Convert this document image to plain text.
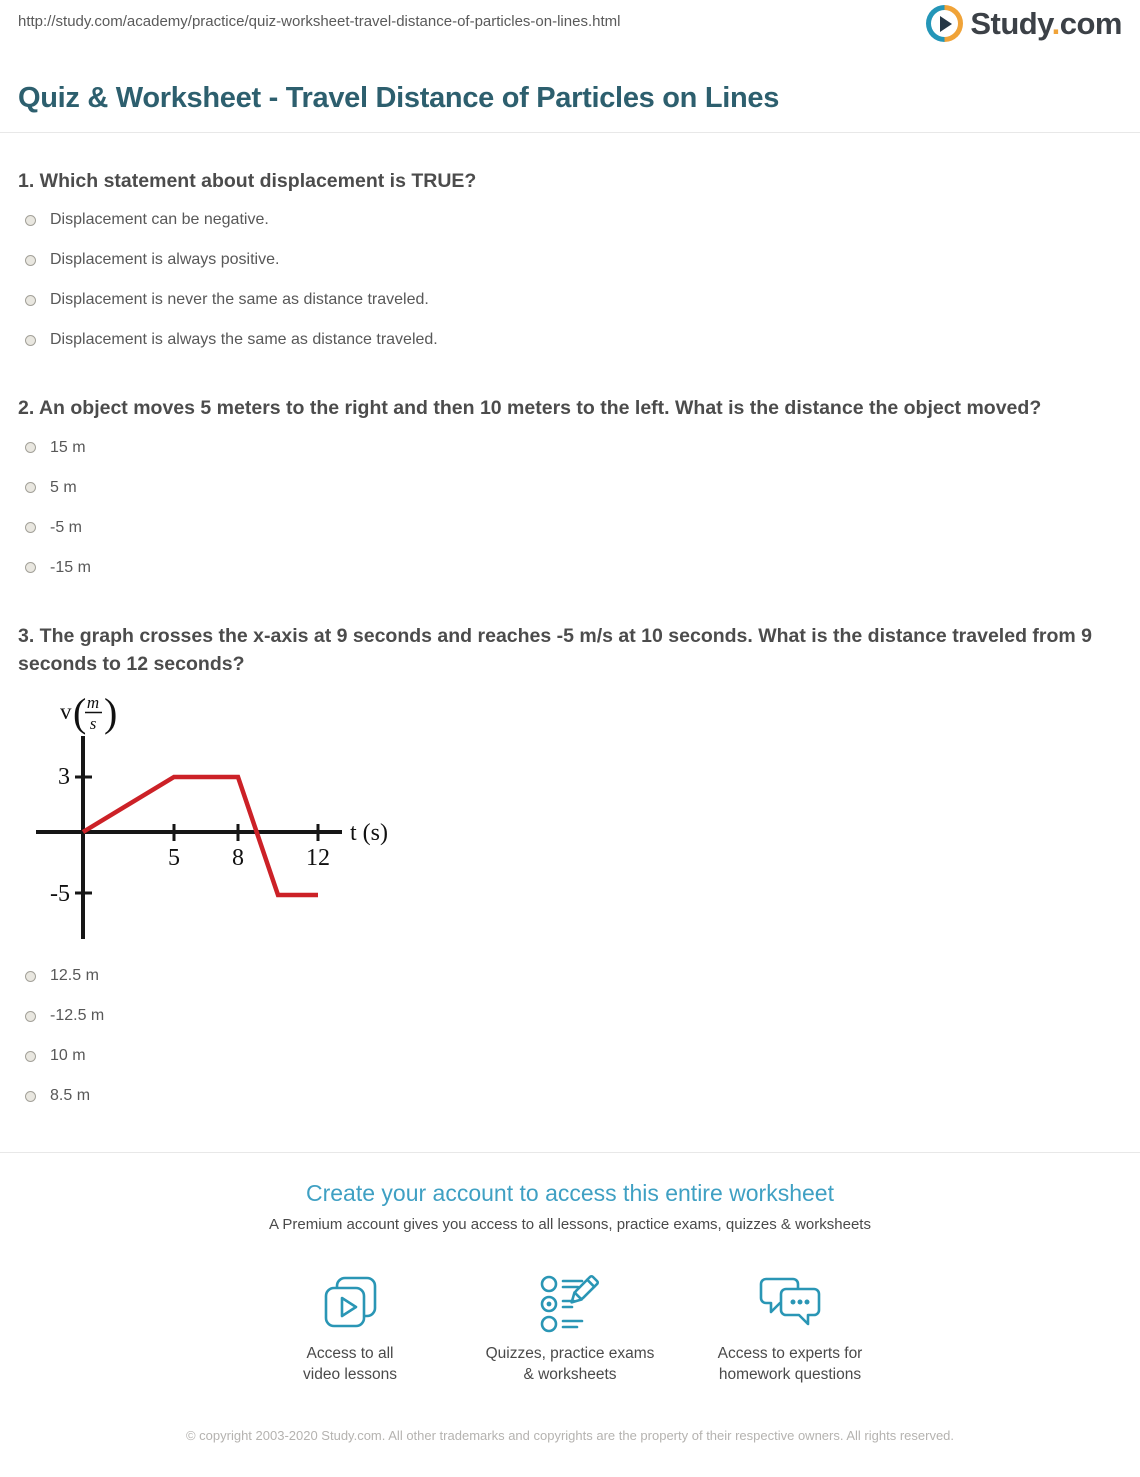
http://study.com/academy/practice/quiz-worksheet-travel-distance-of-particles-on-lines.html	Study.com
Quiz & Worksheet - Travel Distance of Particles on Lines
1. Which statement about displacement is TRUE?
Displacement can be negative.
Displacement is always positive.
Displacement is never the same as distance traveled.
Displacement is always the same as distance traveled.
2. An object moves 5 meters to the right and then 10 meters to the left. What is the distance the object moved?
15 m
5 m
-5 m
-15 m
3. The graph crosses the x-axis at 9 seconds and reaches -5 m/s at 10 seconds. What is the distance traveled from 9 seconds to 12 seconds?
v ( m
s )
3
-5
5 8	12
t (s)
12.5 m
-12.5 m
10 m
8.5 m
Create your account to access this entire worksheet
A Premium account gives you access to all lessons, practice exams, quizzes & worksheets
Access to all
video lessons
Quizzes, practice exams
& worksheets
Access to experts for
homework questions
© copyright 2003-2020 Study.com. All other trademarks and copyrights are the property of their respective owners. All rights reserved.
